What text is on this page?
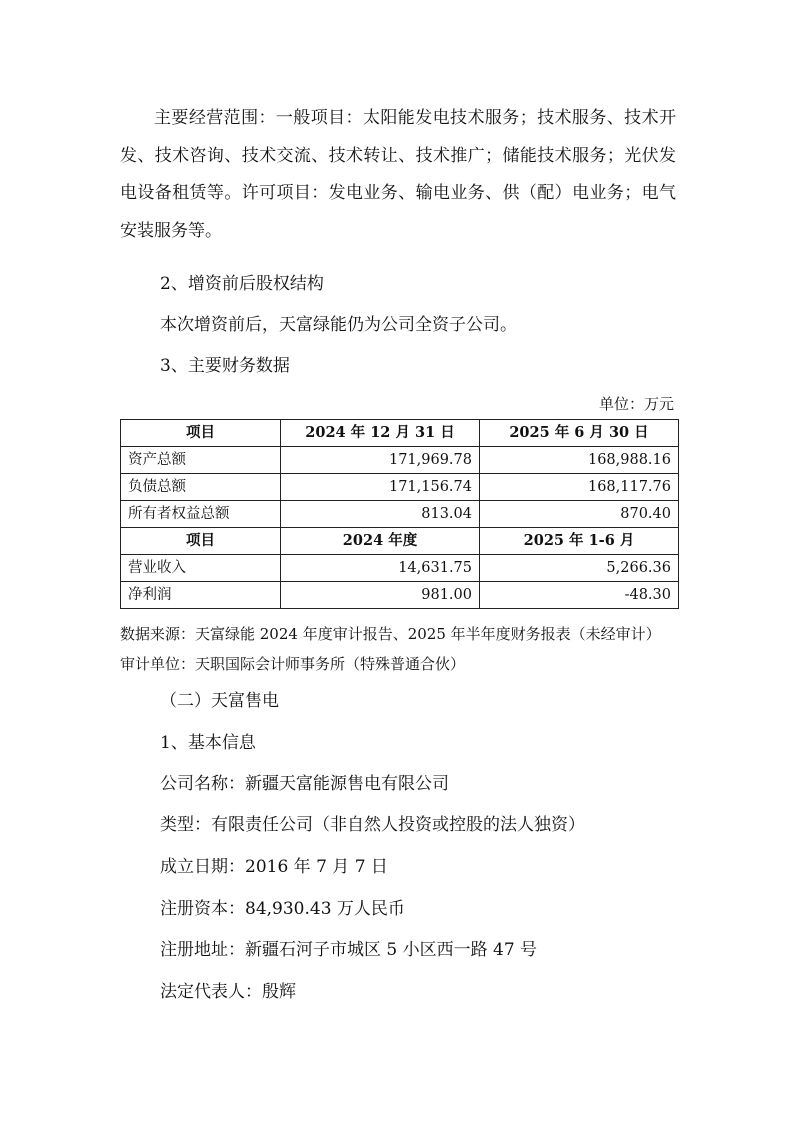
主要经营范围：一般项目：太阳能发电技术服务；技术服务、技术开发、技术咨询、技术交流、技术转让、技术推广；储能技术服务；光伏发电设备租赁等。许可项目：发电业务、输电业务、供（配）电业务；电气安装服务等。

2、增资前后股权结构

本次增资前后，天富绿能仍为公司全资子公司。

3、主要财务数据

单位：万元
项目	2024 年 12 月 31 日	2025 年 6 月 30 日
资产总额	171,969.78	168,988.16
负债总额	171,156.74	168,117.76
所有者权益总额	813.04	870.40
项目	2024 年度	2025 年 1-6 月
营业收入	14,631.75	5,266.36
净利润	981.00	-48.30
数据来源：天富绿能 2024 年度审计报告、2025 年半年度财务报表（未经审计）
审计单位：天职国际会计师事务所（特殊普通合伙）

（二）天富售电

1、基本信息

公司名称：新疆天富能源售电有限公司

类型：有限责任公司（非自然人投资或控股的法人独资）

成立日期：2016 年 7 月 7 日

注册资本：84,930.43 万人民币

注册地址：新疆石河子市城区 5 小区西一路 47 号

法定代表人：殷辉
